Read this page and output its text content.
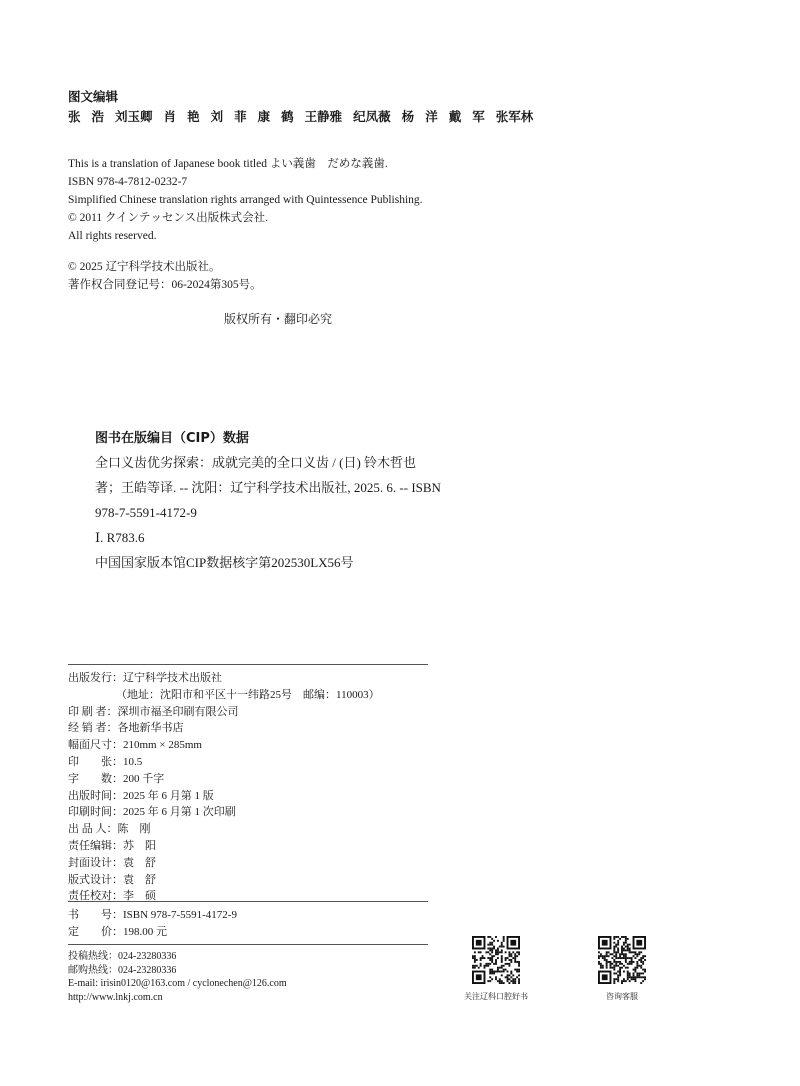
图文编辑
张 浩 刘玉卿 肖 艳 刘 菲 康 鹤 王静雅 纪凤薇 杨 洋 戴 军 张军林
This is a translation of Japanese book titled よい義歯　だめな義歯.
ISBN 978-4-7812-0232-7
Simplified Chinese translation rights arranged with Quintessence Publishing.
© 2011 クインテッセンス出版株式会社.
All rights reserved.
© 2025 辽宁科学技术出版社。
著作权合同登记号：06-2024第305号。
版权所有・翻印必究
图书在版编目（CIP）数据
全口义齿优劣探索：成就完美的全口义齿 / (日) 铃木哲也
著；王皓等译. -- 沈阳：辽宁科学技术出版社, 2025. 6. -- ISBN
978-7-5591-4172-9
Ⅰ. R783.6
中国国家版本馆CIP数据核字第202530LX56号
出版发行：辽宁科学技术出版社
（地址：沈阳市和平区十一纬路25号　邮编：110003）
印 刷 者：深圳市福圣印刷有限公司
经 销 者：各地新华书店
幅面尺寸：210mm × 285mm
印　　张：10.5
字　　数：200 千字
出版时间：2025 年 6 月第 1 版
印刷时间：2025 年 6 月第 1 次印刷
出 品 人：陈　刚
责任编辑：苏　阳
封面设计：袁　舒
版式设计：袁　舒
责任校对：李　硕
书　　号：ISBN 978-7-5591-4172-9
定　　价：198.00 元
投稿热线：024-23280336
邮购热线：024-23280336
E-mail: irisin0120@163.com / cyclonechen@126.com
http://www.lnkj.com.cn	关注辽科口腔好书	咨询客服
